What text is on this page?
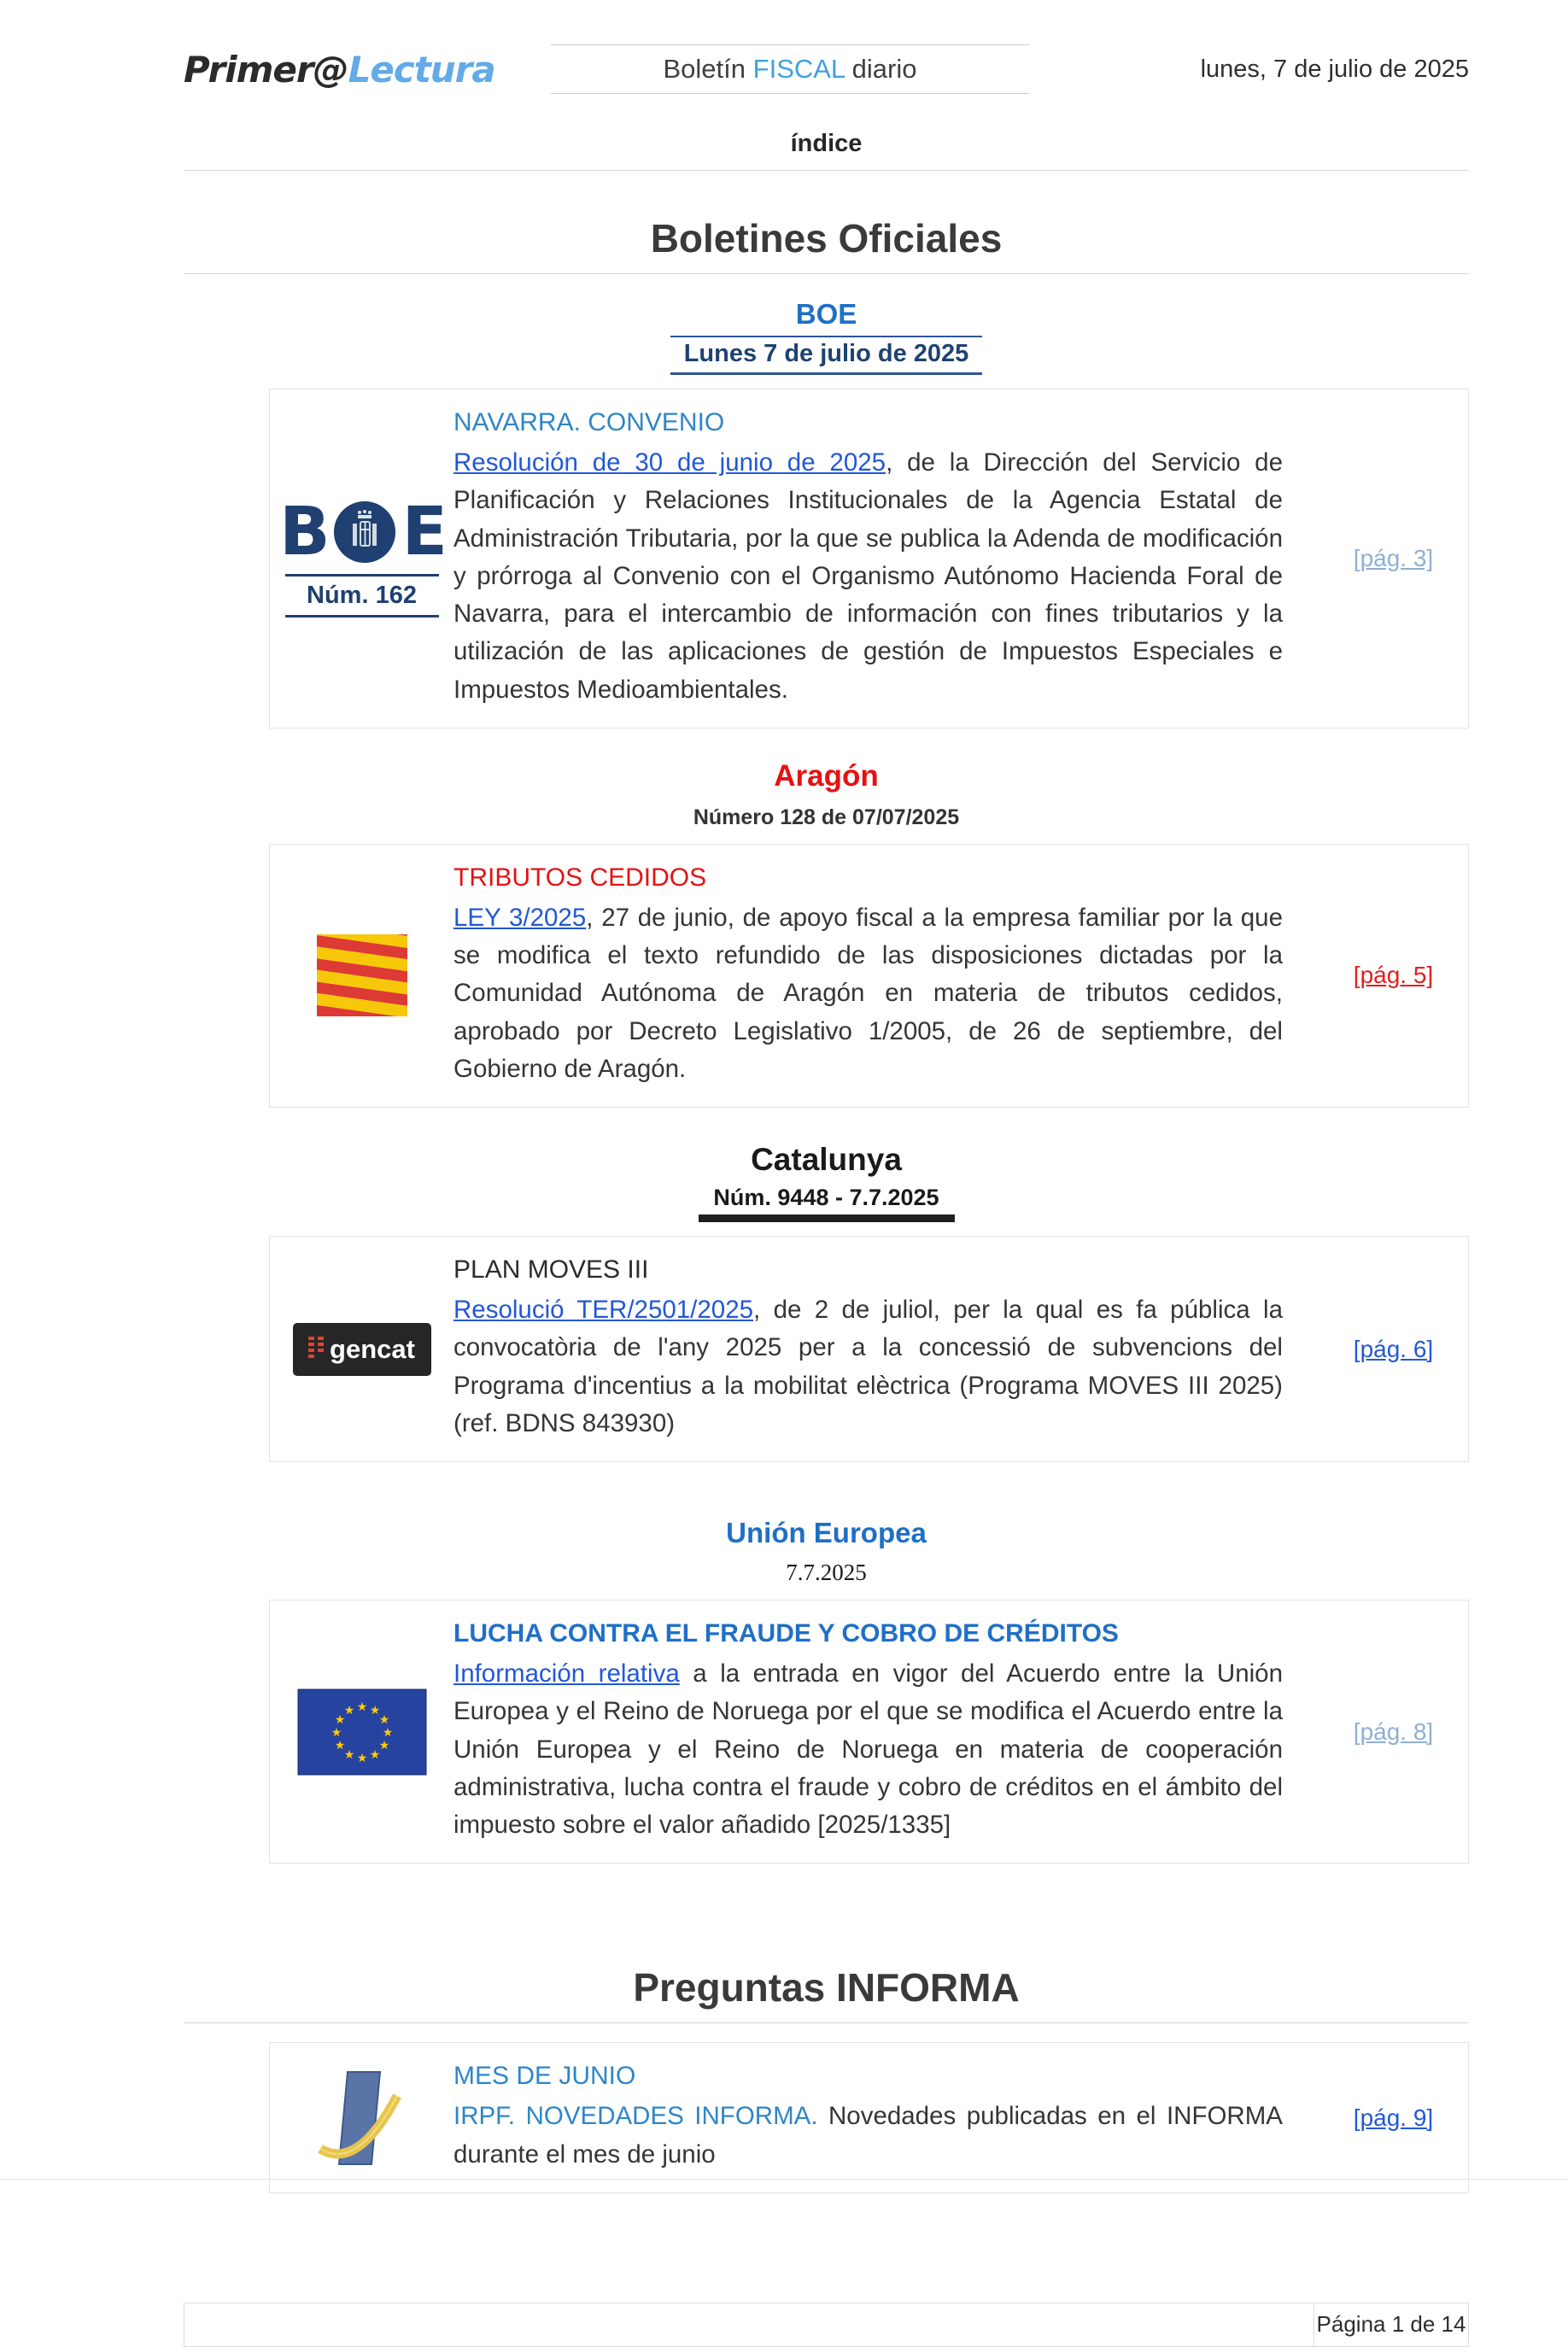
Primer@Lectura	Boletín FISCAL diario	lunes, 7 de julio de 2025
índice
Boletines Oficiales
BOE
Lunes 7 de julio de 2025
B E
Núm. 162
NAVARRA. CONVENIO

Resolución de 30 de junio de 2025, de la Dirección del Servicio de Planificación y Relaciones Institucionales de la Agencia Estatal de Administración Tributaria, por la que se publica la Adenda de modificación y prórroga al Convenio con el Organismo Autónomo Hacienda Foral de Navarra, para el intercambio de información con fines tributarios y la utilización de las aplicaciones de gestión de Impuestos Especiales e Impuestos Medioambientales.

[pág. 3]
Aragón
Número 128 de 07/07/2025
TRIBUTOS CEDIDOS

LEY 3/2025, 27 de junio, de apoyo fiscal a la empresa familiar por la que se modifica el texto refundido de las disposiciones dictadas por la Comunidad Autónoma de Aragón en materia de tributos cedidos, aprobado por Decreto Legislativo 1/2005, de 26 de septiembre, del Gobierno de Aragón.

[pág. 5]
Catalunya
Núm. 9448 - 7.7.2025
gencat
PLAN MOVES III

Resolució TER/2501/2025, de 2 de juliol, per la qual es fa pública la convocatòria de l'any 2025 per a la concessió de subvencions del Programa d'incentius a la mobilitat elèctrica (Programa MOVES III 2025) (ref. BDNS 843930)

[pág. 6]
Unión Europea
7.7.2025
★ ★
★
★
★
★
★
★
★
★
★
★
LUCHA CONTRA EL FRAUDE Y COBRO DE CRÉDITOS

Información relativa a la entrada en vigor del Acuerdo entre la Unión Europea y el Reino de Noruega por el que se modifica el Acuerdo entre la Unión Europea y el Reino de Noruega en materia de cooperación administrativa, lucha contra el fraude y cobro de créditos en el ámbito del impuesto sobre el valor añadido [2025/1335]

[pág. 8]
Preguntas INFORMA
MES DE JUNIO

IRPF. NOVEDADES INFORMA. Novedades publicadas en el INFORMA durante el mes de junio

[pág. 9]
Página 1 de 14
